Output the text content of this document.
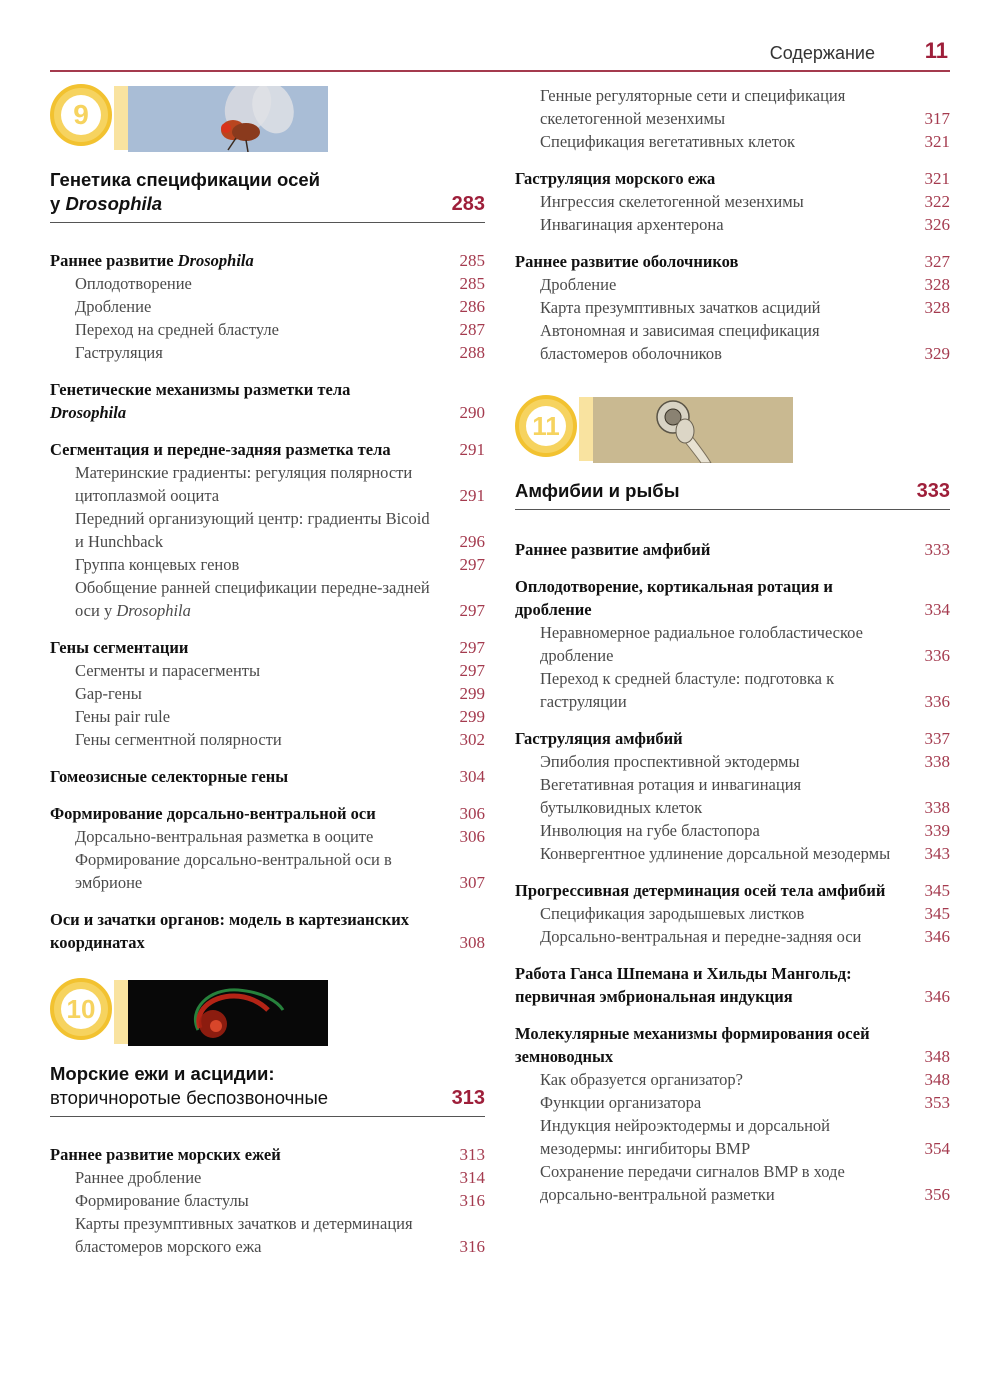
Содержание 11
9
Генетика спецификации осей
у Drosophila	283
Раннее развитие Drosophila	285
Оплодотворение	285
Дробление	286
Переход на средней бластуле	287
Гаструляция	288
Генетические механизмы разметки тела
Drosophila	290
Сегментация и передне-задняя разметка тела	291
Материнские градиенты: регуляция полярности цитоплазмой ооцита	291
Передний организующий центр: градиенты Bicoid и Hunchback	296
Группа концевых генов	297
Обобщение ранней спецификации передне-задней оси у Drosophila	297
Гены сегментации	297
Сегменты и парасегменты	297
Gap-гены	299
Гены pair rule	299
Гены сегментной полярности	302
Гомеозисные селекторные гены	304
Формирование дорсально-вентральной оси	306
Дорсально-вентральная разметка в ооците	306
Формирование дорсально-вентральной оси в эмбрионе	307
Оси и зачатки органов: модель в картезианских координатах	308
10
Морские ежи и асцидии:
вторичноротые беспозвоночные	313
Раннее развитие морских ежей	313
Раннее дробление	314
Формирование бластулы	316
Карты презумптивных зачатков и детерминация бластомеров морского ежа	316
Генные регуляторные сети и спецификация скелетогенной мезенхимы	317
Спецификация вегетативных клеток	321
Гаструляция морского ежа	321
Ингрессия скелетогенной мезенхимы	322
Инвагинация архентерона	326
Раннее развитие оболочников	327
Дробление	328
Карта презумптивных зачатков асцидий	328
Автономная и зависимая спецификация бластомеров оболочников	329
11
Амфибии и рыбы	333
Раннее развитие амфибий	333
Оплодотворение, кортикальная ротация и дробление	334
Неравномерное радиальное голобластическое дробление	336
Переход к средней бластуле: подготовка к гаструляции	336
Гаструляция амфибий	337
Эпиболия проспективной эктодермы	338
Вегетативная ротация и инвагинация бутылковидных клеток	338
Инволюция на губе бластопора	339
Конвергентное удлинение дорсальной мезодермы 343
Прогрессивная детерминация осей тела амфибий 345
Спецификация зародышевых листков	345
Дорсально-вентральная и передне-задняя оси	346
Работа Ганса Шпемана и Хильды Мангольд: первичная эмбриональная индукция	346
Молекулярные механизмы формирования осей земноводных	348
Как образуется организатор?	348
Функции организатора	353
Индукция нейроэктодермы и дорсальной мезодермы: ингибиторы BMP	354
Сохранение передачи сигналов BMP в ходе дорсально-вентральной разметки	356
